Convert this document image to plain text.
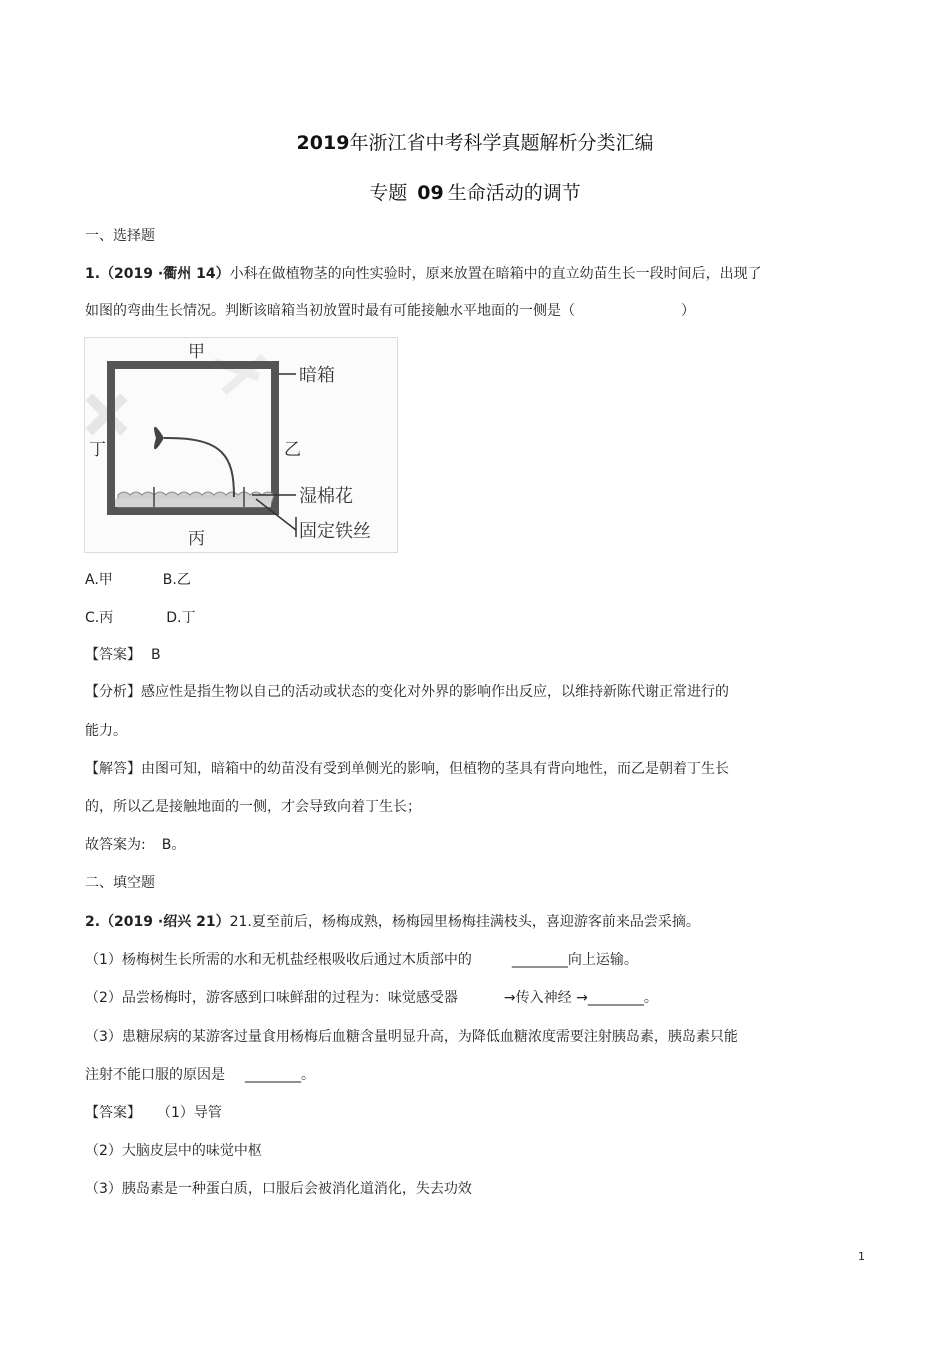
2019年浙江省中考科学真题解析分类汇编
专题 09 生命活动的调节
一、选择题
1.（2019 ·衢州 14）小科在做植物茎的向性实验时，原来放置在暗箱中的直立幼苗生长一段时间后，出现了
如图的弯曲生长情况。判断该暗箱当初放置时最有可能接触水平地面的一侧是（	）
甲
乙
丙
丁
暗箱
湿棉花
固定铁丝
A.甲	B.乙
C.丙	D.丁
【答案】 B
【分析】感应性是指生物以自己的活动或状态的变化对外界的影响作出反应，以维持新陈代谢正常进行的
能力。
【解答】由图可知，暗箱中的幼苗没有受到单侧光的影响，但植物的茎具有背向地性，而乙是朝着丁生长
的，所以乙是接触地面的一侧，才会导致向着丁生长；
故答案为: B。
二、填空题
2.（2019 ·绍兴 21）21.夏至前后，杨梅成熟，杨梅园里杨梅挂满枝头，喜迎游客前来品尝采摘。
（1）杨梅树生长所需的水和无机盐经根吸收后通过木质部中的	________向上运输。
（2）品尝杨梅时，游客感到口味鲜甜的过程为：味觉感受器	→传入神经 →________。
（3）患糖尿病的某游客过量食用杨梅后血糖含量明显升高，为降低血糖浓度需要注射胰岛素，胰岛素只能
注射不能口服的原因是 ________。
【答案】 （1）导管
（2）大脑皮层中的味觉中枢
（3）胰岛素是一种蛋白质，口服后会被消化道消化，失去功效
1
